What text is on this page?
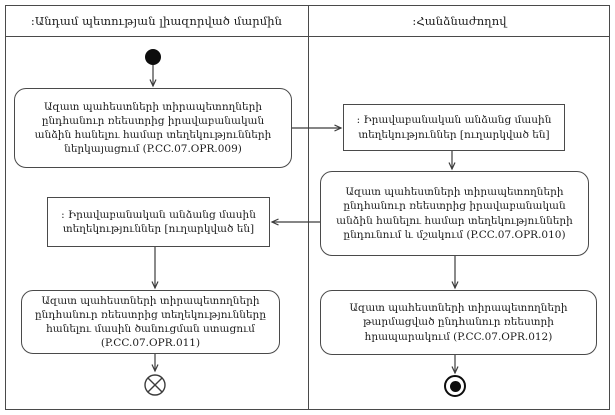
:Անդամ պետության լիազորված մարմին	:Հանձնաժողով
Ազատ պահեստների տիրապետողների ընդհանուր ռեեստրից իրավաբանական անձին հանելու համար տեղեկությունների ներկայացում (P.CC.07.OPR.009)
: Իրավաբանական անձանց մասին տեղեկություններ [ուղարկված են]
Ազատ պահեստների տիրապետողների ընդհանուր ռեեստրից իրավաբանական անձին հանելու համար տեղեկությունների ընդունում և մշակում (P.CC.07.OPR.010)
: Իրավաբանական անձանց մասին տեղեկություններ [ուղարկված են]
Ազատ պահեստների տիրապետողների ընդհանուր ռեեստրից տեղեկությունները հանելու մասին ծանուցման ստացում (P.CC.07.OPR.011)
Ազատ պահեստների տիրապետողների թարմացված ընդհանուր ռեեստրի հրապարակում (P.CC.07.OPR.012)
